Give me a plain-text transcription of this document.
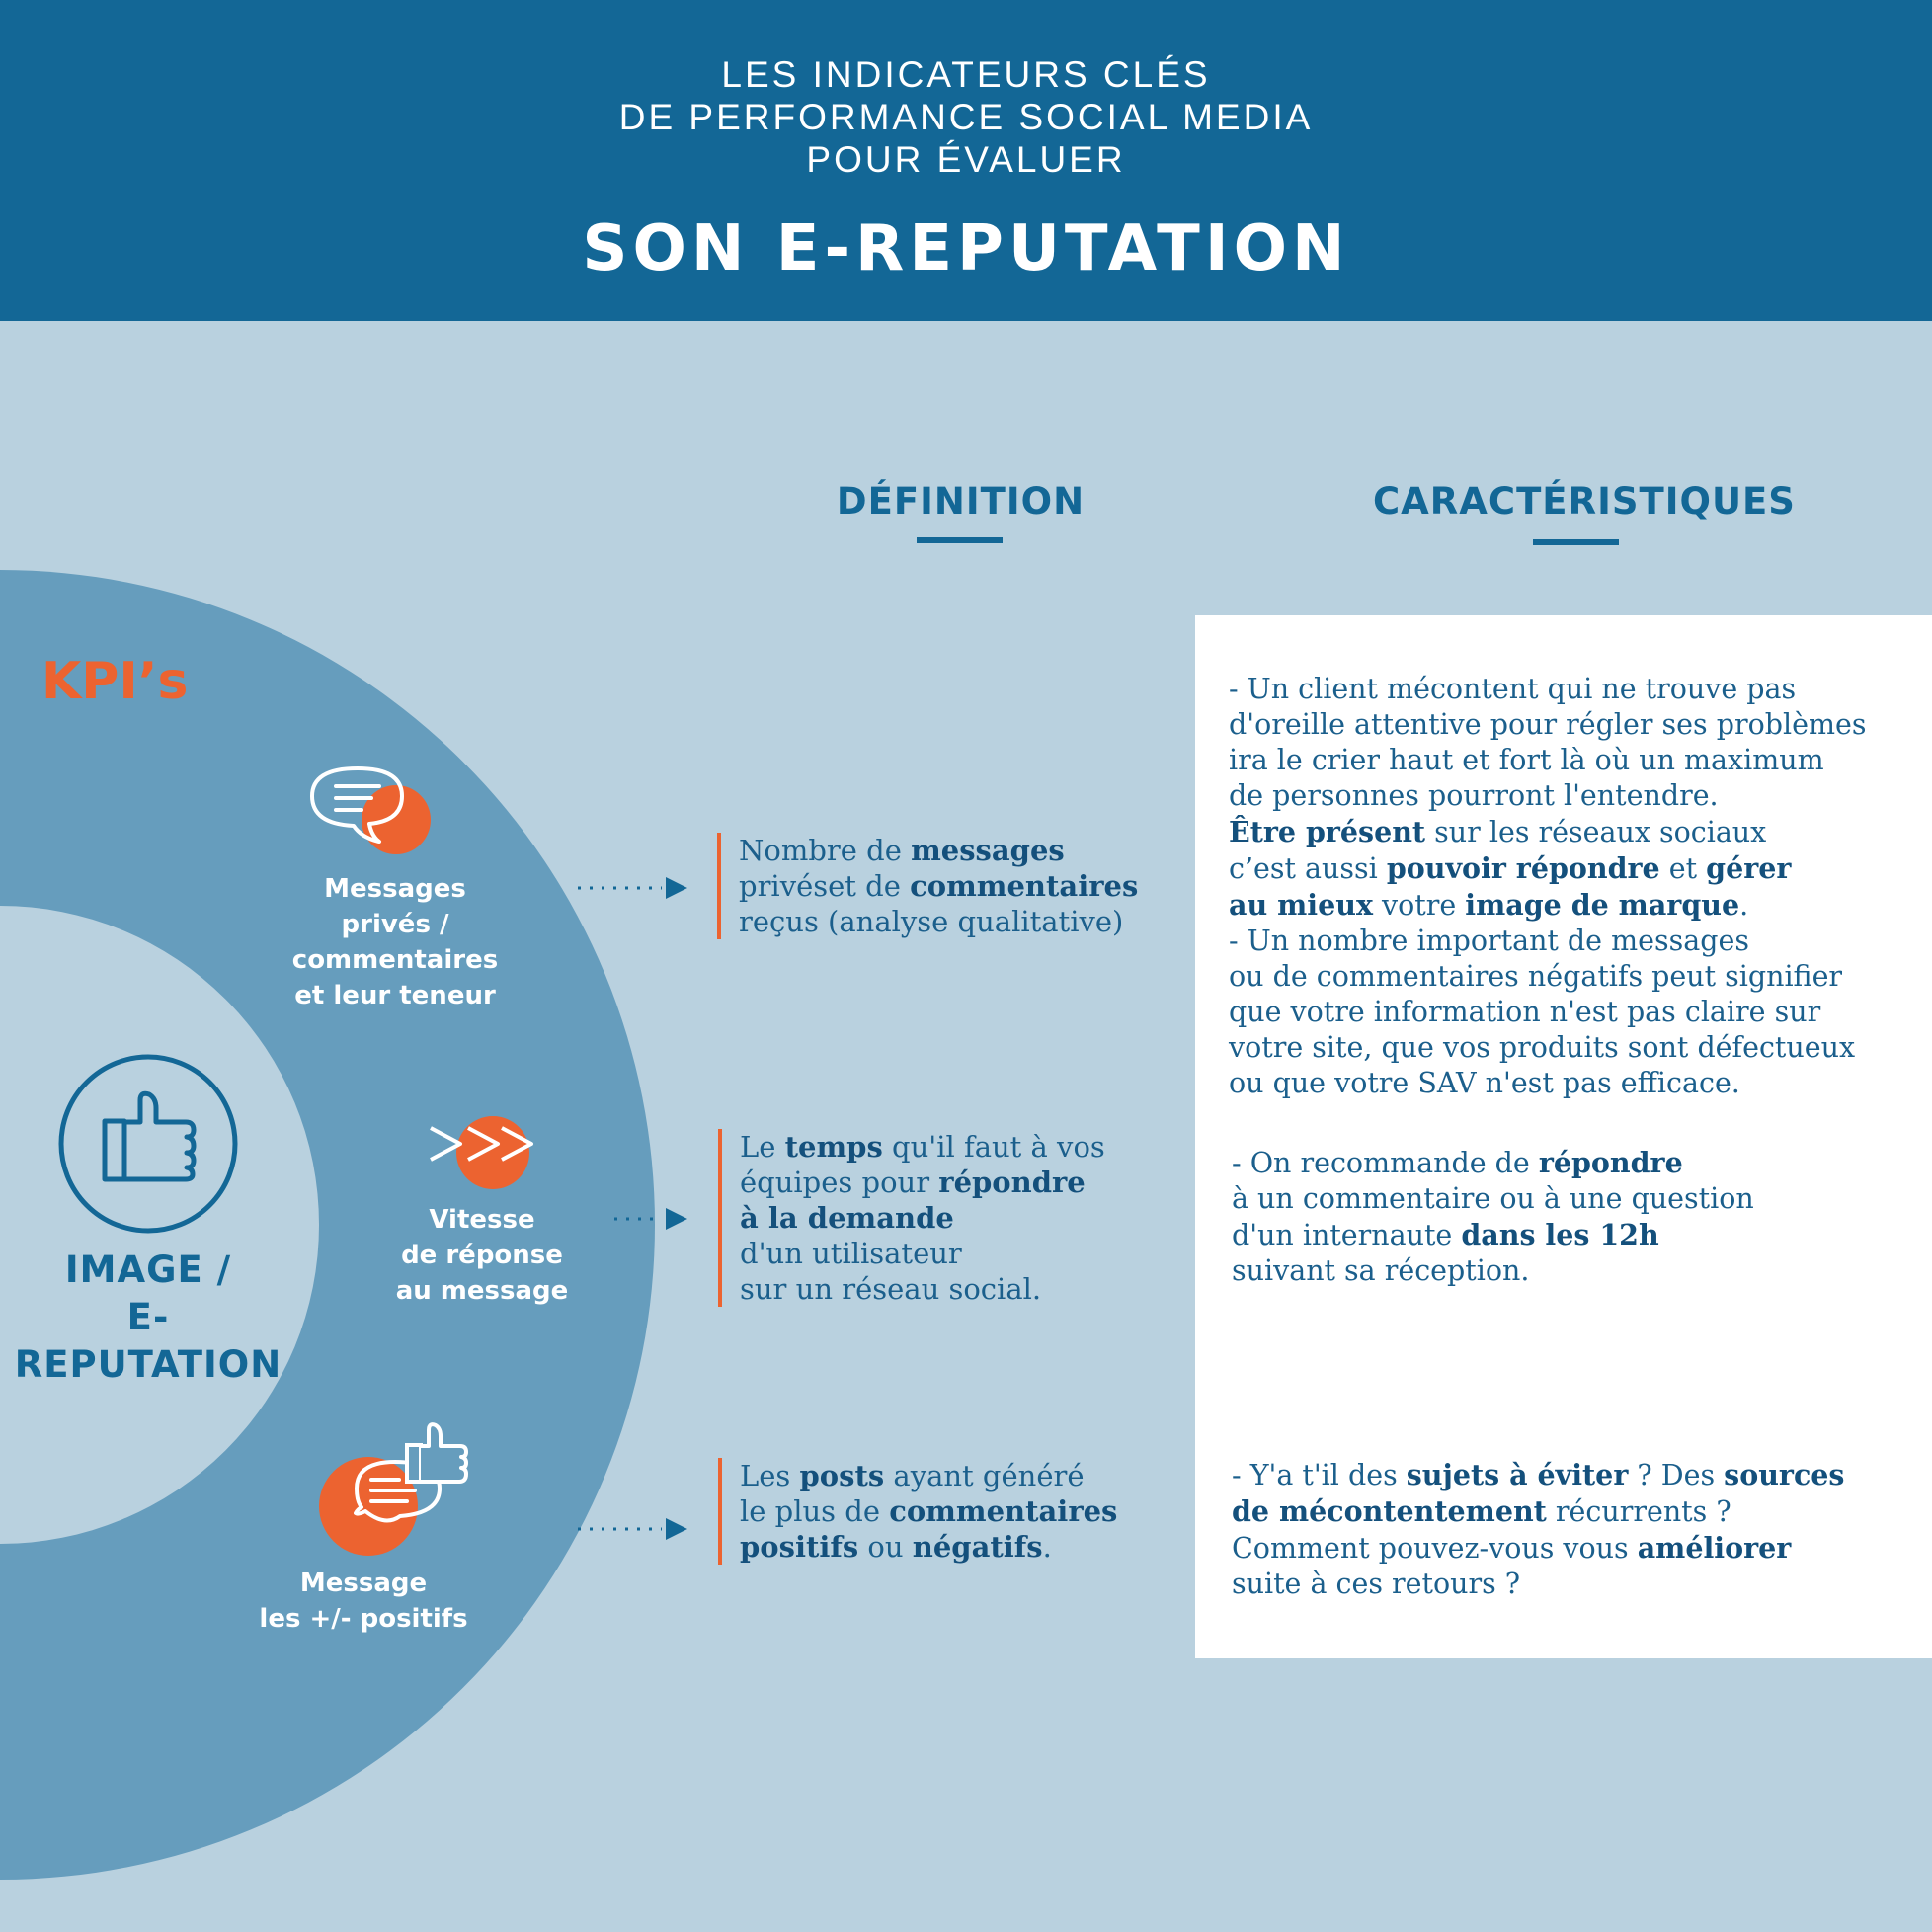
LES INDICATEURS CLÉS
DE PERFORMANCE SOCIAL MEDIA
POUR ÉVALUER
SON E-REPUTATION
DÉFINITION	CARACTÉRISTIQUES
KPI’s
IMAGE /
E-REPUTATION
Messages
privés /
commentaires
et leur teneur
Vitesse
de réponse
au message
Message
les +/- positifs
Nombre de messages
privéset de commentaires
reçus (analyse qualitative)
Le temps qu'il faut à vos
équipes pour répondre
à la demande
d'un utilisateur
sur un réseau social.
Les posts ayant généré
le plus de commentaires
positifs ou négatifs.
- Un client mécontent qui ne trouve pas
d'oreille attentive pour régler ses problèmes
ira le crier haut et fort là où un maximum
de personnes pourront l'entendre.
Être présent sur les réseaux sociaux
c’est aussi pouvoir répondre et gérer
au mieux votre image de marque.
- Un nombre important de messages
ou de commentaires négatifs peut signifier
que votre information n'est pas claire sur
votre site, que vos produits sont défectueux
ou que votre SAV n'est pas efficace.
- On recommande de répondre
à un commentaire ou à une question
d'un internaute dans les 12h
suivant sa réception.
- Y'a t'il des sujets à éviter ? Des sources
de mécontentement récurrents ?
Comment pouvez-vous vous améliorer
suite à ces retours ?
